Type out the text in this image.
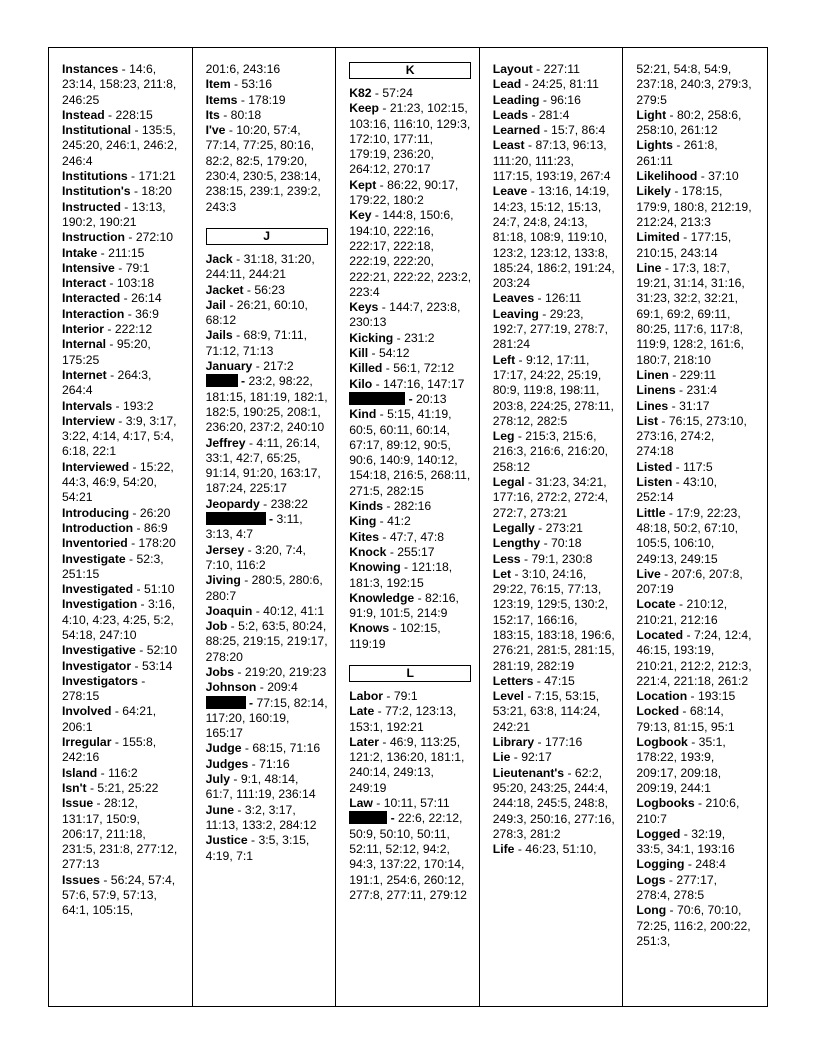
Instances - 14:6, 23:14, 158:23, 211:8, 246:25

Instead - 228:15

Institutional - 135:5, 245:20, 246:1, 246:2, 246:4

Institutions - 171:21

Institution's - 18:20

Instructed - 13:13, 190:2, 190:21

Instruction - 272:10

Intake - 211:15

Intensive - 79:1

Interact - 103:18

Interacted - 26:14

Interaction - 36:9

Interior - 222:12

Internal - 95:20, 175:25

Internet - 264:3, 264:4

Intervals - 193:2

Interview - 3:9, 3:17, 3:22, 4:14, 4:17, 5:4, 6:18, 22:1

Interviewed - 15:22, 44:3, 46:9, 54:20, 54:21

Introducing - 26:20

Introduction - 86:9

Inventoried - 178:20

Investigate - 52:3, 251:15

Investigated - 51:10

Investigation - 3:16, 4:10, 4:23, 4:25, 5:2, 54:18, 247:10

Investigative - 52:10

Investigator - 53:14

Investigators - 278:15

Involved - 64:21, 206:1

Irregular - 155:8, 242:16

Island - 116:2

Isn't - 5:21, 25:22

Issue - 28:12, 131:17, 150:9, 206:17, 211:18, 231:5, 231:8, 277:12, 277:13

Issues - 56:24, 57:4, 57:6, 57:9, 57:13, 64:1, 105:15,

201:6, 243:16

Item - 53:16

Items - 178:19

Its - 80:18

I've - 10:20, 57:4, 77:14, 77:25, 80:16, 82:2, 82:5, 179:20, 230:4, 230:5, 238:14, 238:15, 239:1, 239:2, 243:3

J

Jack - 31:18, 31:20, 244:11, 244:21

Jacket - 56:23

Jail - 26:21, 60:10, 68:12

Jails - 68:9, 71:11, 71:12, 71:13

January - 217:2

- 23:2, 98:22, 181:15, 181:19, 182:1, 182:5, 190:25, 208:1, 236:20, 237:2, 240:10

Jeffrey - 4:11, 26:14, 33:1, 42:7, 65:25, 91:14, 91:20, 163:17, 187:24, 225:17

Jeopardy - 238:22

- 3:11, 3:13, 4:7

Jersey - 3:20, 7:4, 7:10, 116:2

Jiving - 280:5, 280:6, 280:7

Joaquin - 40:12, 41:1

Job - 5:2, 63:5, 80:24, 88:25, 219:15, 219:17, 278:20

Jobs - 219:20, 219:23

Johnson - 209:4

- 77:15, 82:14, 117:20, 160:19, 165:17

Judge - 68:15, 71:16

Judges - 71:16

July - 9:1, 48:14, 61:7, 111:19, 236:14

June - 3:2, 3:17, 11:13, 133:2, 284:12

Justice - 3:5, 3:15, 4:19, 7:1

K

K82 - 57:24

Keep - 21:23, 102:15, 103:16, 116:10, 129:3, 172:10, 177:11, 179:19, 236:20, 264:12, 270:17

Kept - 86:22, 90:17, 179:22, 180:2

Key - 144:8, 150:6, 194:10, 222:16, 222:17, 222:18, 222:19, 222:20, 222:21, 222:22, 223:2, 223:4

Keys - 144:7, 223:8, 230:13

Kicking - 231:2

Kill - 54:12

Killed - 56:1, 72:12

Kilo - 147:16, 147:17

- 20:13

Kind - 5:15, 41:19, 60:5, 60:11, 60:14, 67:17, 89:12, 90:5, 90:6, 140:9, 140:12, 154:18, 216:5, 268:11, 271:5, 282:15

Kinds - 282:16

King - 41:2

Kites - 47:7, 47:8

Knock - 255:17

Knowing - 121:18, 181:3, 192:15

Knowledge - 82:16, 91:9, 101:5, 214:9

Knows - 102:15, 119:19

L

Labor - 79:1

Late - 77:2, 123:13, 153:1, 192:21

Later - 46:9, 113:25, 121:2, 136:20, 181:1, 240:14, 249:13, 249:19

Law - 10:11, 57:11

- 22:6, 22:12, 50:9, 50:10, 50:11, 52:11, 52:12, 94:2, 94:3, 137:22, 170:14, 191:1, 254:6, 260:12, 277:8, 277:11, 279:12

Layout - 227:11

Lead - 24:25, 81:11

Leading - 96:16

Leads - 281:4

Learned - 15:7, 86:4

Least - 87:13, 96:13, 111:20, 111:23, 117:15, 193:19, 267:4

Leave - 13:16, 14:19, 14:23, 15:12, 15:13, 24:7, 24:8, 24:13, 81:18, 108:9, 119:10, 123:2, 123:12, 133:8, 185:24, 186:2, 191:24, 203:24

Leaves - 126:11

Leaving - 29:23, 192:7, 277:19, 278:7, 281:24

Left - 9:12, 17:11, 17:17, 24:22, 25:19, 80:9, 119:8, 198:11, 203:8, 224:25, 278:11, 278:12, 282:5

Leg - 215:3, 215:6, 216:3, 216:6, 216:20, 258:12

Legal - 31:23, 34:21, 177:16, 272:2, 272:4, 272:7, 273:21

Legally - 273:21

Lengthy - 70:18

Less - 79:1, 230:8

Let - 3:10, 24:16, 29:22, 76:15, 77:13, 123:19, 129:5, 130:2, 152:17, 166:16, 183:15, 183:18, 196:6, 276:21, 281:5, 281:15, 281:19, 282:19

Letters - 47:15

Level - 7:15, 53:15, 53:21, 63:8, 114:24, 242:21

Library - 177:16

Lie - 92:17

Lieutenant's - 62:2, 95:20, 243:25, 244:4, 244:18, 245:5, 248:8, 249:3, 250:16, 277:16, 278:3, 281:2

Life - 46:23, 51:10,

52:21, 54:8, 54:9, 237:18, 240:3, 279:3, 279:5

Light - 80:2, 258:6, 258:10, 261:12

Lights - 261:8, 261:11

Likelihood - 37:10

Likely - 178:15, 179:9, 180:8, 212:19, 212:24, 213:3

Limited - 177:15, 210:15, 243:14

Line - 17:3, 18:7, 19:21, 31:14, 31:16, 31:23, 32:2, 32:21, 69:1, 69:2, 69:11, 80:25, 117:6, 117:8, 119:9, 128:2, 161:6, 180:7, 218:10

Linen - 229:11

Linens - 231:4

Lines - 31:17

List - 76:15, 273:10, 273:16, 274:2, 274:18

Listed - 117:5

Listen - 43:10, 252:14

Little - 17:9, 22:23, 48:18, 50:2, 67:10, 105:5, 106:10, 249:13, 249:15

Live - 207:6, 207:8, 207:19

Locate - 210:12, 210:21, 212:16

Located - 7:24, 12:4, 46:15, 193:19, 210:21, 212:2, 212:3, 221:4, 221:18, 261:2

Location - 193:15

Locked - 68:14, 79:13, 81:15, 95:1

Logbook - 35:1, 178:22, 193:9, 209:17, 209:18, 209:19, 244:1

Logbooks - 210:6, 210:7

Logged - 32:19, 33:5, 34:1, 193:16

Logging - 248:4

Logs - 277:17, 278:4, 278:5

Long - 70:6, 70:10, 72:25, 116:2, 200:22, 251:3,
